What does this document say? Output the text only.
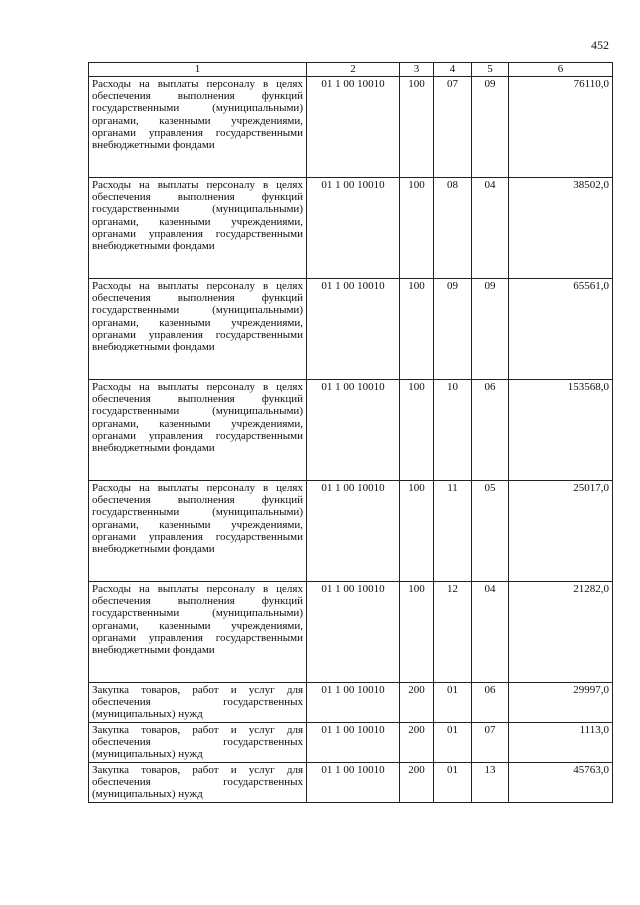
452
1	2	3	4	5	6
Расходы на выплаты персоналу в целях обеспечения выполнения функций государственными (муниципальными) органами, казенными учреждениями, органами управления государственными внебюджетными фондами	01 1 00 10010	100	07	09	76110,0
Расходы на выплаты персоналу в целях обеспечения выполнения функций государственными (муниципальными) органами, казенными учреждениями, органами управления государственными внебюджетными фондами	01 1 00 10010	100	08	04	38502,0
Расходы на выплаты персоналу в целях обеспечения выполнения функций государственными (муниципальными) органами, казенными учреждениями, органами управления государственными внебюджетными фондами	01 1 00 10010	100	09	09	65561,0
Расходы на выплаты персоналу в целях обеспечения выполнения функций государственными (муниципальными) органами, казенными учреждениями, органами управления государственными внебюджетными фондами	01 1 00 10010	100	10	06	153568,0
Расходы на выплаты персоналу в целях обеспечения выполнения функций государственными (муниципальными) органами, казенными учреждениями, органами управления государственными внебюджетными фондами	01 1 00 10010	100	11	05	25017,0
Расходы на выплаты персоналу в целях обеспечения выполнения функций государственными (муниципальными) органами, казенными учреждениями, органами управления государственными внебюджетными фондами	01 1 00 10010	100	12	04	21282,0
Закупка товаров, работ и услуг для обеспечения государственных (муниципальных) нужд	01 1 00 10010	200	01	06	29997,0
Закупка товаров, работ и услуг для обеспечения государственных (муниципальных) нужд	01 1 00 10010	200	01	07	1113,0
Закупка товаров, работ и услуг для обеспечения государственных (муниципальных) нужд	01 1 00 10010	200	01	13	45763,0
